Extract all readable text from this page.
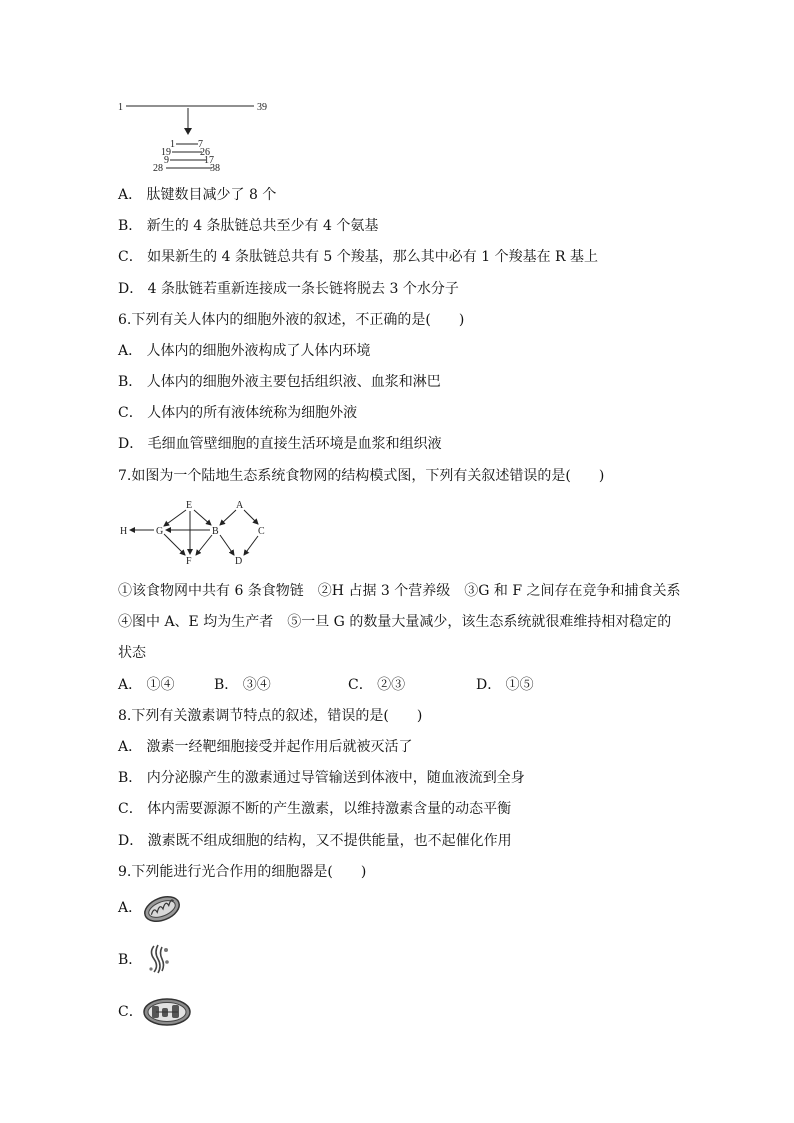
1	39
1 7
19	26
9	17
28	38
A． 肽键数目减少了 8 个
B． 新生的 4 条肽链总共至少有 4 个氨基
C． 如果新生的 4 条肽链总共有 5 个羧基，那么其中必有 1 个羧基在 R 基上
D． 4 条肽链若重新连接成一条长链将脱去 3 个水分子
6.下列有关人体内的细胞外液的叙述，不正确的是(　　)
A． 人体内的细胞外液构成了人体内环境
B． 人体内的细胞外液主要包括组织液、血浆和淋巴
C． 人体内的所有液体统称为细胞外液
D． 毛细血管壁细胞的直接生活环境是血浆和组织液
7.如图为一个陆地生态系统食物网的结构模式图，下列有关叙述错误的是(　　)
H	G
E
F
B
A
C
D
①该食物网中共有 6 条食物链　②H 占据 3 个营养级　③G 和 F 之间存在竞争和捕食关系
④图中 A、E 均为生产者　⑤一旦 G 的数量大量减少，该生态系统就很难维持相对稳定的
状态
A． ①④	B． ③④	C． ②③	D． ①⑤
8.下列有关激素调节特点的叙述，错误的是(　　)
A． 激素一经靶细胞接受并起作用后就被灭活了
B． 内分泌腺产生的激素通过导管输送到体液中，随血液流到全身
C． 体内需要源源不断的产生激素，以维持激素含量的动态平衡
D． 激素既不组成细胞的结构，又不提供能量，也不起催化作用
9.下列能进行光合作用的细胞器是(　　)
A．
B．
C．
